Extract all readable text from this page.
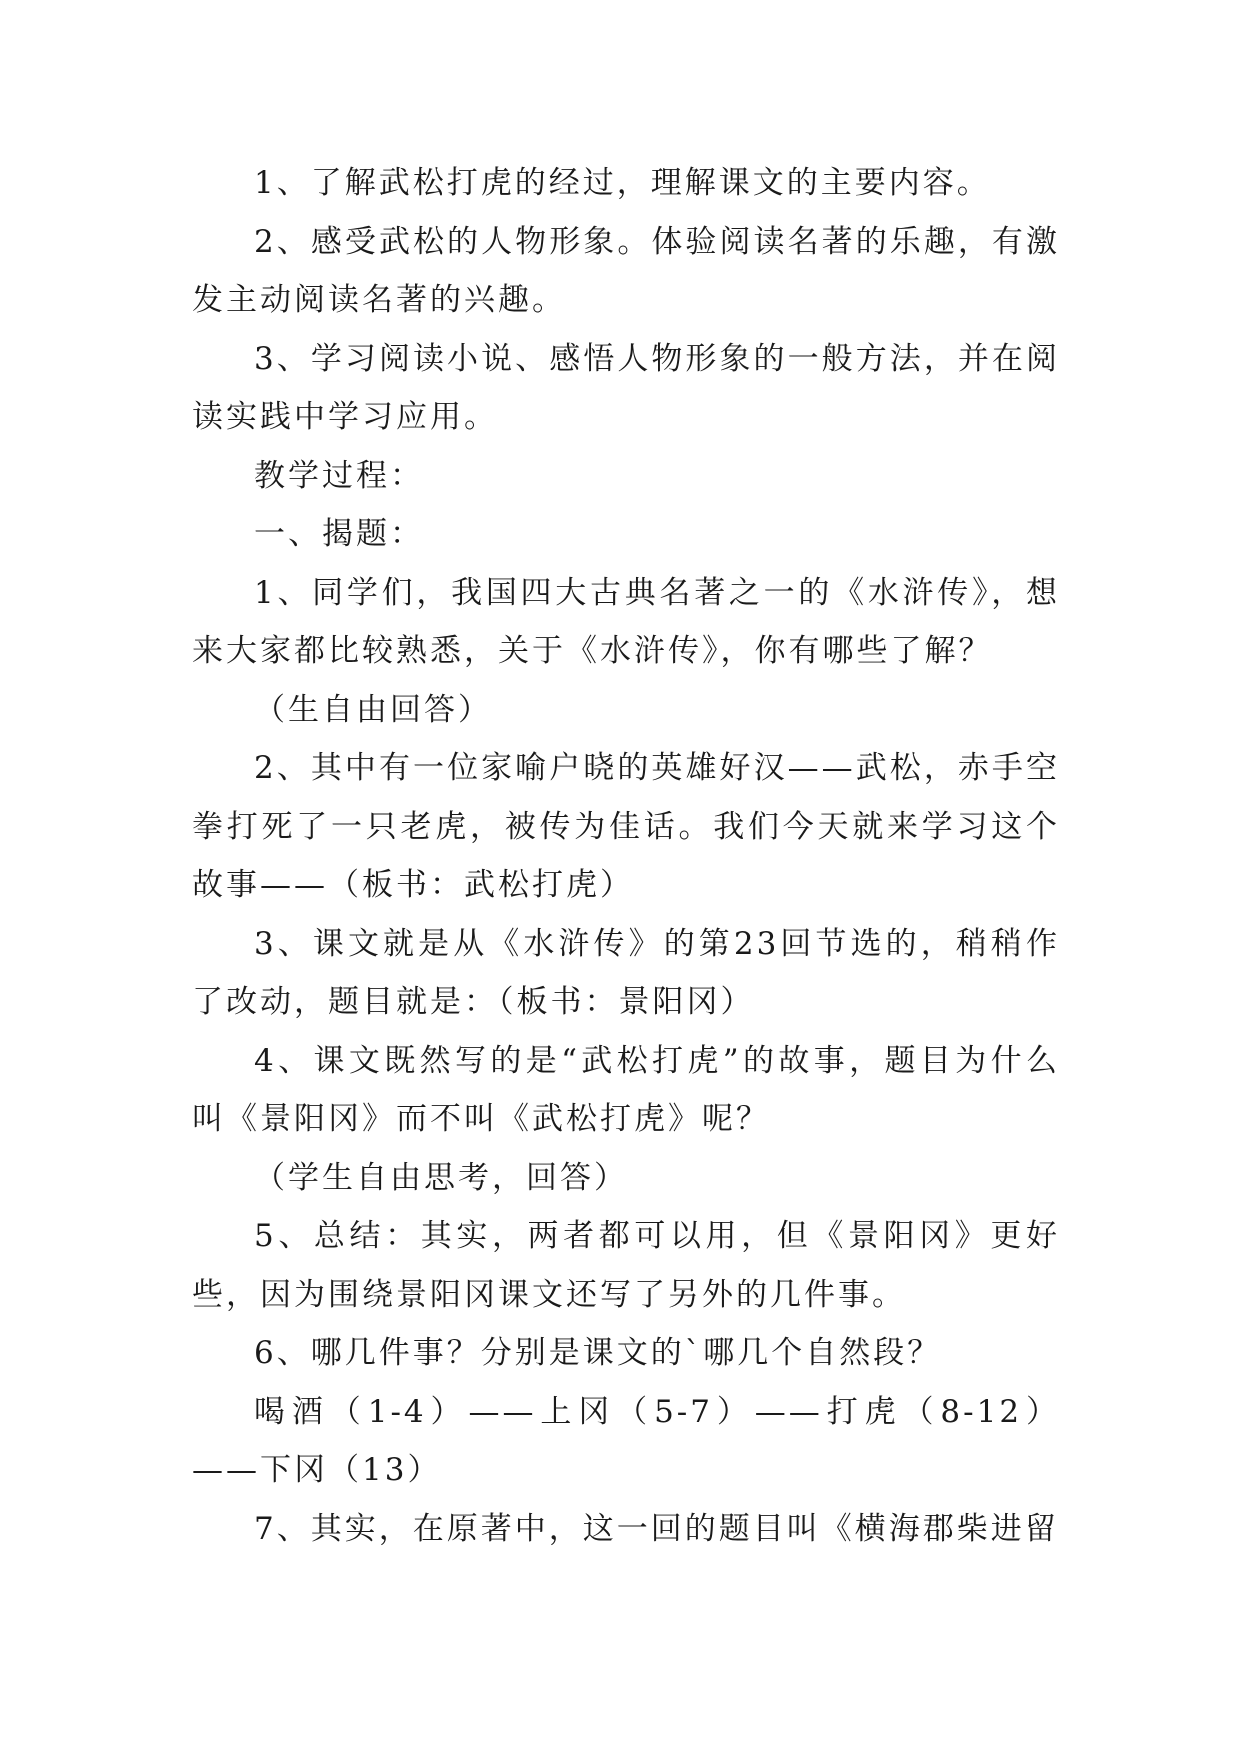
1、了解武松打虎的经过，理解课文的主要内容。

2、感受武松的人物形象。体验阅读名著的乐趣，有激发主动阅读名著的兴趣。

3、学习阅读小说、感悟人物形象的一般方法，并在阅读实践中学习应用。

教学过程：

一、揭题：

1、同学们，我国四大古典名著之一的《水浒传》，想来大家都比较熟悉，关于《水浒传》，你有哪些了解？

（生自由回答）

2、其中有一位家喻户晓的英雄好汉——武松，赤手空拳打死了一只老虎，被传为佳话。我们今天就来学习这个故事——（板书：武松打虎）

3、课文就是从《水浒传》的第23回节选的，稍稍作了改动，题目就是：（板书：景阳冈）

4、课文既然写的是“武松打虎”的故事，题目为什么叫《景阳冈》而不叫《武松打虎》呢？

（学生自由思考，回答）

5、总结：其实，两者都可以用，但《景阳冈》更好些，因为围绕景阳冈课文还写了另外的几件事。

6、哪几件事？分别是课文的`哪几个自然段？

喝酒（1-4）——上冈（5-7）——打虎（8-12）——下冈（13）

7、其实，在原著中，这一回的题目叫《横海郡柴进留
